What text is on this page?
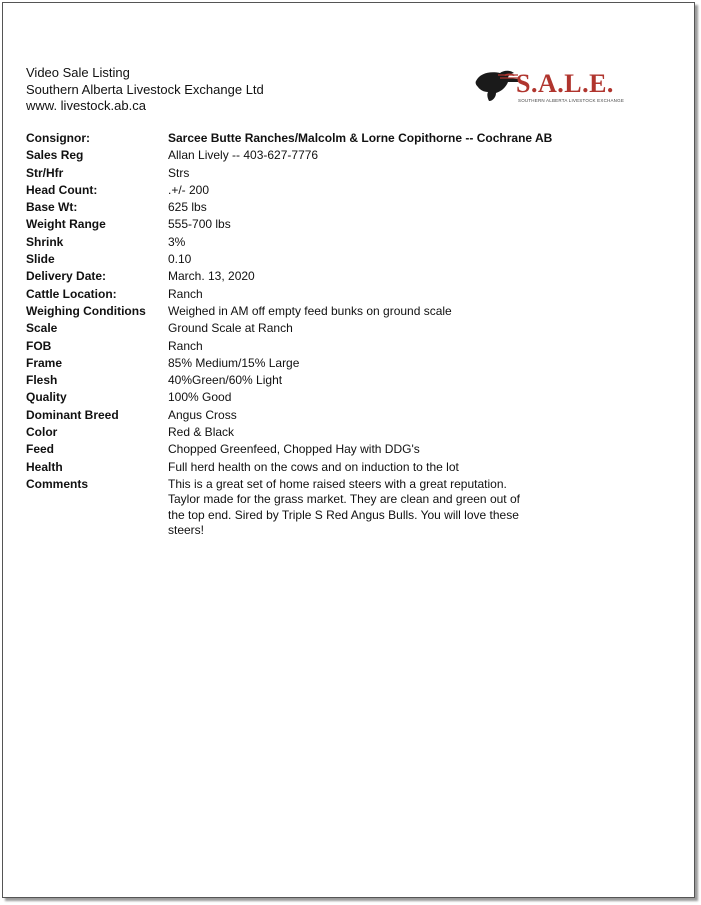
Video Sale Listing
Southern Alberta Livestock Exchange Ltd
www. livestock.ab.ca
S.A.L.E.
SOUTHERN ALBERTA LIVESTOCK EXCHANGE
Consignor:	Sarcee Butte Ranches/Malcolm & Lorne Copithorne -- Cochrane AB
Sales Reg	Allan Lively -- 403-627-7776
Str/Hfr	Strs
Head Count:	.+/- 200
Base Wt:	625 lbs
Weight Range	555-700 lbs
Shrink	3%
Slide	0.10
Delivery Date:	March. 13, 2020
Cattle Location:	Ranch
Weighing Conditions	Weighed in AM off empty feed bunks on ground scale
Scale	Ground Scale at Ranch
FOB	Ranch
Frame	85% Medium/15% Large
Flesh	40%Green/60% Light
Quality	100% Good
Dominant Breed	Angus Cross
Color	Red & Black
Feed	Chopped Greenfeed, Chopped Hay with DDG's
Health	Full herd health on the cows and on induction to the lot
Comments	This is a great set of home raised steers with a great reputation. Taylor made for the grass market. They are clean and green out of the top end. Sired by Triple S Red Angus Bulls. You will love these steers!
